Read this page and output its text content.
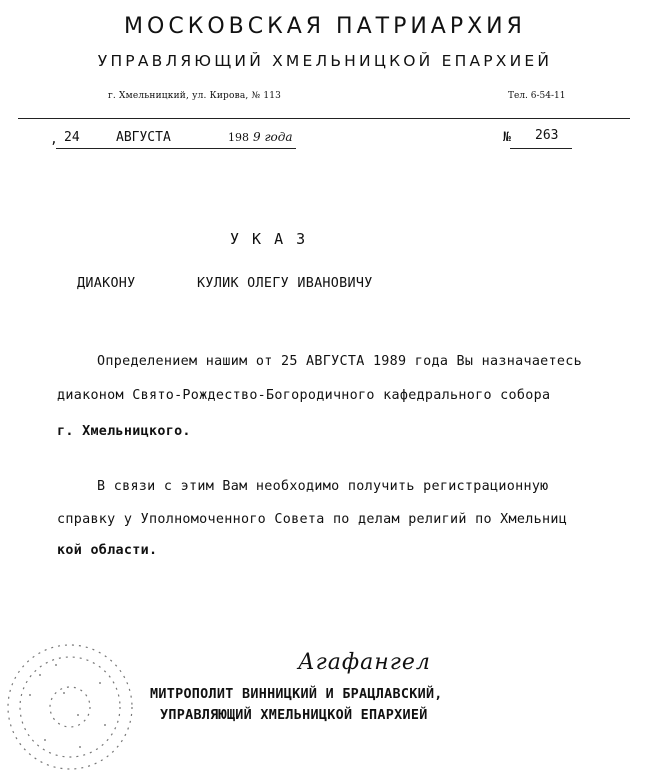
МОСКОВСКАЯ ПАТРИАРХИЯ
УПРАВЛЯЮЩИЙ ХМЕЛЬНИЦКОЙ ЕПАРХИЕЙ
г. Хмельницкий, ул. Кирова, № 113	Тел. 6-54-11
, 24	АВГУСТА	198 9 года	№ 263
У К А З
ДИАКОНУ	КУЛИК ОЛЕГУ ИВАНОВИЧУ
Определением нашим от 25 АВГУСТА 1989 года Вы назначаетесь
диаконом Свято-Рождество-Богородичного кафедрального собора
г. Хмельницкого.
В связи с этим Вам необходимо получить регистрационную
справку у Уполномоченного Совета по делам религий по Хмельниц
кой области.
Агафангел
МИТРОПОЛИТ ВИННИЦКИЙ И БРАЦЛАВСКИЙ,
УПРАВЛЯЮЩИЙ ХМЕЛЬНИЦКОЙ ЕПАРХИЕЙ
